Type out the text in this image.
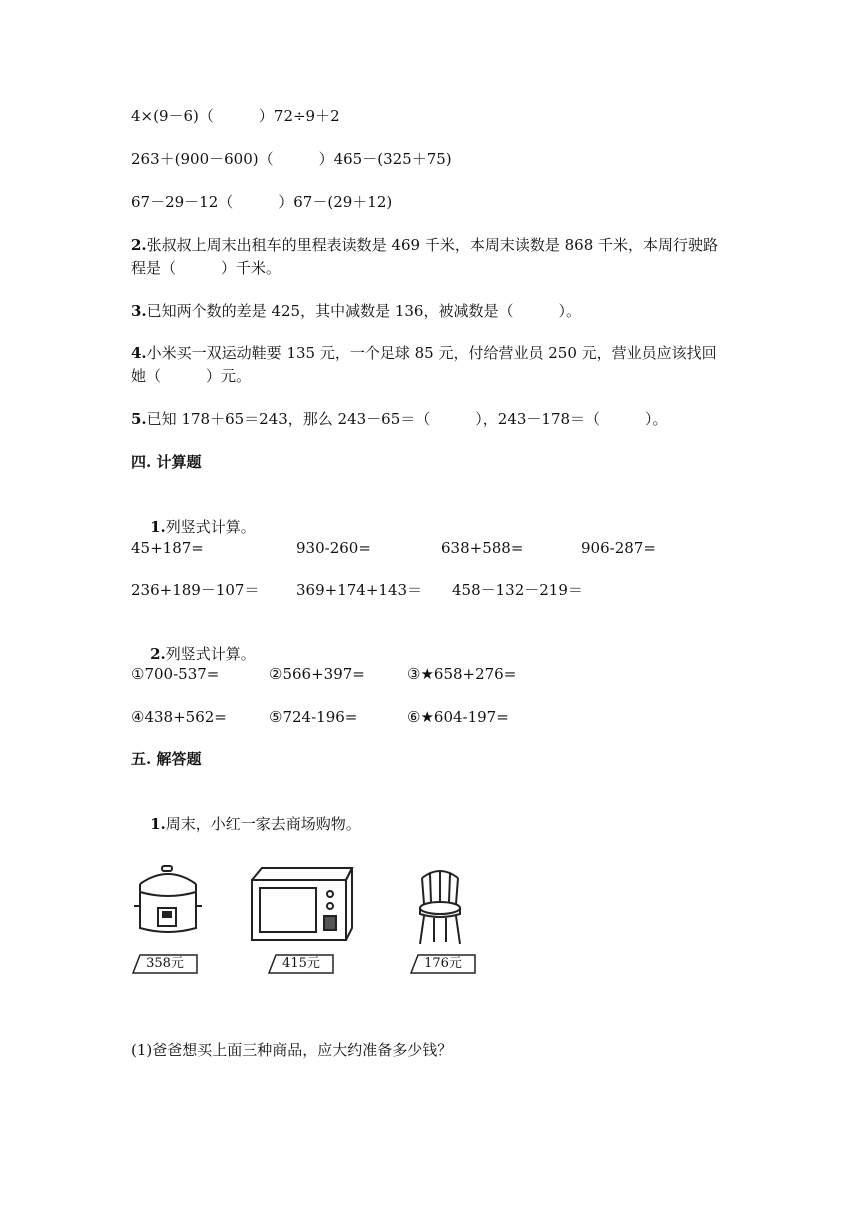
4×(9－6)（　　　）72÷9＋2
263＋(900－600)（　　　）465－(325＋75)
67－29－12（　　　）67－(29＋12)
2.张叔叔上周末出租车的里程表读数是 469 千米，本周末读数是 868 千米，本周行驶路程是（　　　）千米。
3.已知两个数的差是 425，其中减数是 136，被减数是（　　　）。
4.小米买一双运动鞋要 135 元，一个足球 85 元，付给营业员 250 元，营业员应该找回她（　　　）元。
5.已知 178＋65＝243，那么 243－65＝（　　　），243－178＝（　　　）。
四. 计算题

1.列竖式计算。

45+187=	930-260=	638+588=	906-287=
236+189－107＝ 369+174+143＝ 458－132－219＝

2.列竖式计算。

①700-537=	②566+397=	③★658+276=
④438+562=	⑤724-196=	⑥★604-197=
五. 解答题

1.周末，小红一家去商场购物。

358元	415元	176元
(1)爸爸想买上面三种商品，应大约准备多少钱？
